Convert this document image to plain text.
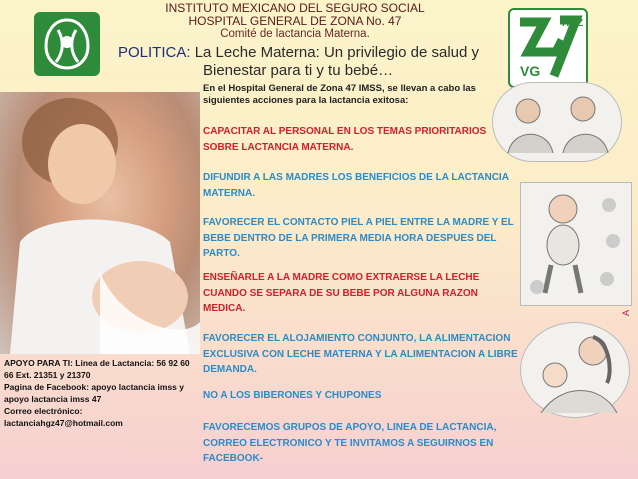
INSTITUTO MEXICANO DEL SEGURO SOCIAL
HOSPITAL GENERAL DE ZONA No. 47
Comité de lactancia Materna.
POLITICA: La Leche Materna: Un privilegio de salud y
Bienestar para ti y tu bebé…
HGZ
VG
En el Hospital General de Zona 47 IMSS, se llevan a cabo las siguientes acciones para la lactancia exitosa:
CAPACITAR AL PERSONAL EN LOS TEMAS PRIORITARIOS SOBRE LACTANCIA MATERNA.
DIFUNDIR A LAS MADRES LOS BENEFICIOS DE LA LACTANCIA MATERNA.
FAVORECER EL CONTACTO PIEL A PIEL ENTRE LA MADRE Y EL BEBE DENTRO DE LA PRIMERA MEDIA HORA DESPUES DEL PARTO.
ENSEÑARLE A LA MADRE COMO EXTRAERSE LA LECHE CUANDO SE SEPARA DE SU BEBE POR ALGUNA RAZON MEDICA.
FAVORECER EL ALOJAMIENTO CONJUNTO, LA ALIMENTACION EXCLUSIVA CON LECHE MATERNA Y LA ALIMENTACION A LIBRE DEMANDA.
NO A LOS BIBERONES Y CHUPONES
FAVORECEMOS GRUPOS DE APOYO, LINEA DE LACTANCIA, CORREO ELECTRONICO Y TE INVITAMOS A SEGUIRNOS EN FACEBOOK-
APOYO PARA TI: Linea de Lactancia: 56 92 60
66 Ext. 21351 y 21370
Pagina de Facebook: apoyo lactancia imss y
apoyo lactancia imss 47
Correo electrónico:
lactanciahgz47@hotmail.com
A
